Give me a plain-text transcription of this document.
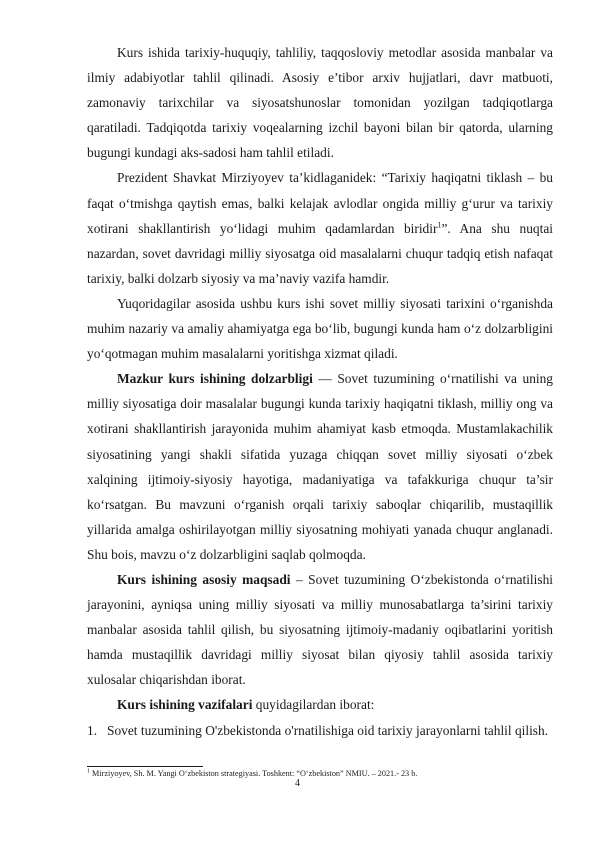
Kurs ishida tarixiy-huquqiy, tahliliy, taqqosloviy metodlar asosida manbalar va ilmiy adabiyotlar tahlil qilinadi. Asosiy e’tibor arxiv hujjatlari, davr matbuoti, zamonaviy tarixchilar va siyosatshunoslar tomonidan yozilgan tadqiqotlarga qaratiladi. Tadqiqotda tarixiy voqealarning izchil bayoni bilan bir qatorda, ularning bugungi kundagi aks-sadosi ham tahlil etiladi.

Prezident Shavkat Mirziyoyev ta’kidlaganidek: “Tarixiy haqiqatni tiklash – bu faqat o‘tmishga qaytish emas, balki kelajak avlodlar ongida milliy g‘urur va tarixiy xotirani shakllantirish yo‘lidagi muhim qadamlardan biridir$^1$”. Ana shu nuqtai nazardan, sovet davridagi milliy siyosatga oid masalalarni chuqur tadqiq etish nafaqat tarixiy, balki dolzarb siyosiy va ma’naviy vazifa hamdir.

Yuqoridagilar asosida ushbu kurs ishi sovet milliy siyosati tarixini o‘rganishda muhim nazariy va amaliy ahamiyatga ega bo‘lib, bugungi kunda ham o‘z dolzarbligini yo‘qotmagan muhim masalalarni yoritishga xizmat qiladi.

Mazkur kurs ishining dolzarbligi — Sovet tuzumining o‘rnatilishi va uning milliy siyosatiga doir masalalar bugungi kunda tarixiy haqiqatni tiklash, milliy ong va xotirani shakllantirish jarayonida muhim ahamiyat kasb etmoqda. Mustamlakachilik siyosatining yangi shakli sifatida yuzaga chiqqan sovet milliy siyosati o‘zbek xalqining ijtimoiy-siyosiy hayotiga, madaniyatiga va tafakkuriga chuqur ta’sir ko‘rsatgan. Bu mavzuni o‘rganish orqali tarixiy saboqlar chiqarilib, mustaqillik yillarida amalga oshirilayotgan milliy siyosatning mohiyati yanada chuqur anglanadi. Shu bois, mavzu o‘z dolzarbligini saqlab qolmoqda.

Kurs ishining asosiy maqsadi – Sovet tuzumining O‘zbekistonda o‘rnatilishi jarayonini, ayniqsa uning milliy siyosati va milliy munosabatlarga ta’sirini tarixiy manbalar asosida tahlil qilish, bu siyosatning ijtimoiy-madaniy oqibatlarini yoritish hamda mustaqillik davridagi milliy siyosat bilan qiyosiy tahlil asosida tarixiy xulosalar chiqarishdan iborat.

Kurs ishining vazifalari quyidagilardan iborat:

1. Sovet tuzumining O'zbekistonda o'rnatilishiga oid tarixiy jarayonlarni tahlil qilish.
$^1$ Mirziyoyev, Sh. M. Yangi O‘zbekiston strategiyasi. Toshkent: “O‘zbekiston” NMIU. – 2021.- 23 b.
4
